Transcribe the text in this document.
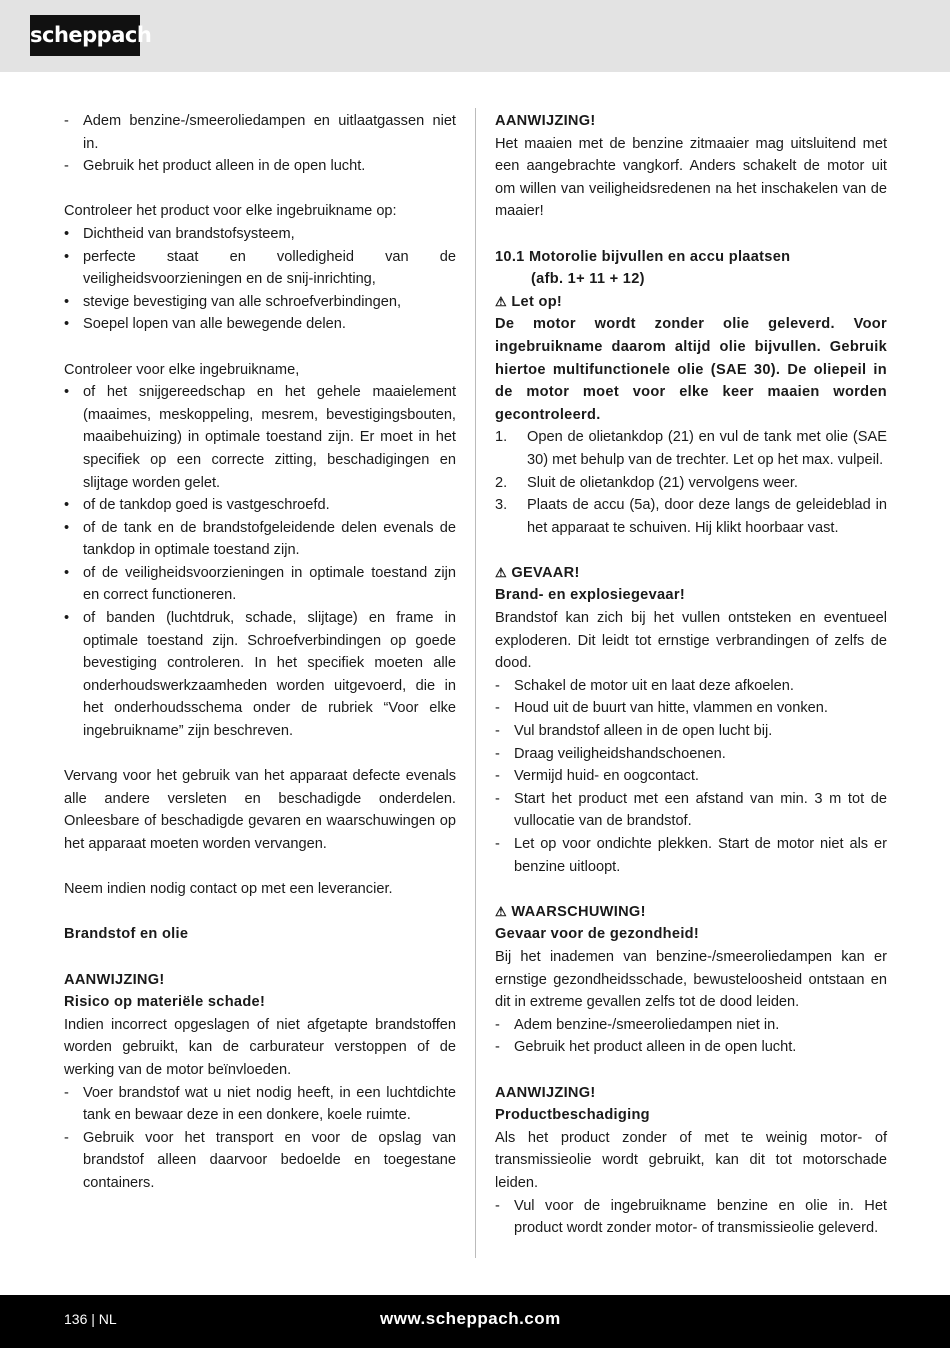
scheppach
- Adem benzine-/smeeroliedampen en uitlaatgassen niet in.
- Gebruik het product alleen in de open lucht.

Controleer het product voor elke ingebruikname op:

• Dichtheid van brandstofsysteem,
• perfecte staat en volledigheid van de veiligheidsvoorzieningen en de snij-inrichting,
• stevige bevestiging van alle schroefverbindingen,
• Soepel lopen van alle bewegende delen.

Controleer voor elke ingebruikname,

• of het snijgereedschap en het gehele maaielement (maaimes, meskoppeling, mesrem, bevestigingsbouten, maaibehuizing) in optimale toestand zijn. Er moet in het specifiek op een correcte zitting, beschadigingen en slijtage worden gelet.
• of de tankdop goed is vastgeschroefd.
• of de tank en de brandstofgeleidende delen evenals de tankdop in optimale toestand zijn.
• of de veiligheidsvoorzieningen in optimale toestand zijn en correct functioneren.
• of banden (luchtdruk, schade, slijtage) en frame in optimale toestand zijn. Schroefverbindingen op goede bevestiging controleren. In het specifiek moeten alle onderhoudswerkzaamheden worden uitgevoerd, die in het onderhoudsschema onder de rubriek “Voor elke ingebruikname” zijn beschreven.

Vervang voor het gebruik van het apparaat defecte evenals alle andere versleten en beschadigde onderdelen. Onleesbare of beschadigde gevaren en waarschuwingen op het apparaat moeten worden vervangen.

Neem indien nodig contact op met een leverancier.

Brandstof en olie

AANWIJZING!

Risico op materiële schade!

Indien incorrect opgeslagen of niet afgetapte brandstoffen worden gebruikt, kan de carburateur verstoppen of de werking van de motor beïnvloeden.

- Voer brandstof wat u niet nodig heeft, in een luchtdichte tank en bewaar deze in een donkere, koele ruimte.
- Gebruik voor het transport en voor de opslag van brandstof alleen daarvoor bedoelde en toegestane containers.

AANWIJZING!

Het maaien met de benzine zitmaaier mag uitsluitend met een aangebrachte vangkorf. Anders schakelt de motor uit om willen van veiligheidsredenen na het inschakelen van de maaier!

10.1 Motorolie bijvullen en accu plaatsen

(afb. 1+ 11 + 12)

⚠ Let op!

De motor wordt zonder olie geleverd. Voor ingebruikname daarom altijd olie bijvullen. Gebruik hiertoe multifunctionele olie (SAE 30). De oliepeil in de motor moet voor elke keer maaien worden gecontroleerd.

1. Open de olietankdop (21) en vul de tank met olie (SAE 30) met behulp van de trechter. Let op het max. vulpeil.
2. Sluit de olietankdop (21) vervolgens weer.
3. Plaats de accu (5a), door deze langs de geleideblad in het apparaat te schuiven. Hij klikt hoorbaar vast.

⚠ GEVAAR!

Brand- en explosiegevaar!

Brandstof kan zich bij het vullen ontsteken en eventueel exploderen. Dit leidt tot ernstige verbrandingen of zelfs de dood.

- Schakel de motor uit en laat deze afkoelen.
- Houd uit de buurt van hitte, vlammen en vonken.
- Vul brandstof alleen in de open lucht bij.
- Draag veiligheidshandschoenen.
- Vermijd huid- en oogcontact.
- Start het product met een afstand van min. 3 m tot de vullocatie van de brandstof.
- Let op voor ondichte plekken. Start de motor niet als er benzine uitloopt.

⚠ WAARSCHUWING!

Gevaar voor de gezondheid!

Bij het inademen van benzine-/smeeroliedampen kan er ernstige gezondheidsschade, bewusteloosheid ontstaan en dit in extreme gevallen zelfs tot de dood leiden.

- Adem benzine-/smeeroliedampen niet in.
- Gebruik het product alleen in de open lucht.

AANWIJZING!

Productbeschadiging

Als het product zonder of met te weinig motor- of transmissieolie wordt gebruikt, kan dit tot motorschade leiden.

- Vul voor de ingebruikname benzine en olie in. Het product wordt zonder motor- of transmissieolie geleverd.
136 | NL	www.scheppach.com
